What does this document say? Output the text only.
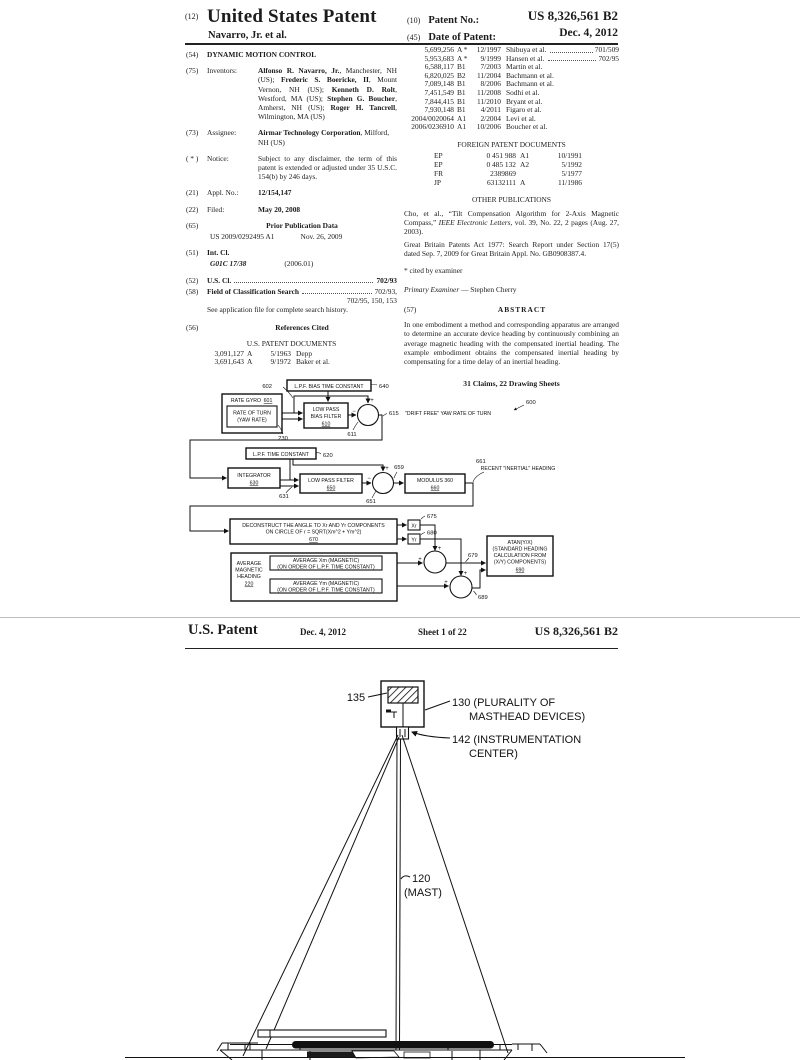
(12) United States Patent
Navarro, Jr. et al.
(10) Patent No.:	US 8,326,561 B2
(45) Date of Patent:	Dec. 4, 2012
(54)	DYNAMIC MOTION CONTROL
(75)	Inventors:	Alfonso R. Navarro, Jr., Manchester, NH (US); Frederic S. Boericke, II, Mount Vernon, NH (US); Kenneth D. Rolt, Westford, MA (US); Stephen G. Boucher, Amherst, NH (US); Roger H. Tancrell, Wilmington, MA (US)
(73)	Assignee:	Airmar Technology Corporation, Milford, NH (US)
( * )	Notice:	Subject to any disclaimer, the term of this patent is extended or adjusted under 35 U.S.C. 154(b) by 246 days.
(21)	Appl. No.:	12/154,147
(22)	Filed:	May 20, 2008
(65)	Prior Publication Data
US 2009/0292495 A1	Nov. 26, 2009
(51)	Int. Cl.
G01C 17/38	(2006.01)
(52)	U.S. Cl.	702/93
(58)	Field of Classification Search	702/93,
702/95, 150, 153
See application file for complete search history.
(56)	References Cited
U.S. PATENT DOCUMENTS
3,091,127 A	5/1963 Depp
3,691,643 A	9/1972 Baker et al.
5,699,256 A *	12/1997 Shibuya et al.	701/509
5,953,683 A *	9/1999 Hansen et al.	702/95
6,588,117 B1	7/2003 Martin et al.
6,820,025 B2	11/2004 Bachmann et al.
7,089,148 B1	8/2006 Bachmann et al.
7,451,549 B1	11/2008 Sodhi et al.
7,844,415 B1	11/2010 Bryant et al.
7,930,148 B1	4/2011 Figaro et al.
2004/0020064 A1	2/2004 Levi et al.
2006/0236910 A1	10/2006 Boucher et al.
FOREIGN PATENT DOCUMENTS
EP	0 451 988 A1	10/1991
EP	0 485 132 A2	5/1992
FR	2389869	5/1977
JP	63132111 A	11/1986
OTHER PUBLICATIONS
Cho, et al., “Tilt Compensation Algorithm for 2-Axis Magnetic Compass,” IEEE Electronic Letters, vol. 39, No. 22, 2 pages (Aug. 27, 2003).
Great Britain Patents Act 1977: Search Report under Section 17(5) dated Sep. 7, 2009 for Great Britain Appl. No. GB0908387.4.
* cited by examiner
Primary Examiner — Stephen Cherry
(57)	ABSTRACT
In one embodiment a method and corresponding apparatus are arranged to determine an accurate device heading by continuously combining an average magnetic heading with the compensated inertial heading. The example embodiment obtains the compensated inertial heading by compensating for a time delay of an inertial heading.
31 Claims, 22 Drawing Sheets
L.P.F. BIAS TIME CONSTANT
602	640
RATE GYRO 601
RATE OF TURN
(YAW RATE)
230
LOW PASS
BIAS FILTER
610
+
−
611
615 "DRIFT FREE" YAW RATE OF TURN
600
L.P.F. TIME CONSTANT 620
INTEGRATOR
630
631
LOW PASS FILTER
650
+
−
651
659
MODULUS 360
660
661
RECENT "INERTIAL" HEADING
DECONSTRUCT THE ANGLE TO Xr AND Yr COMPONENTS
ON CIRCLE OF r = SQRT(Xm^2 + Ym^2)
670
Xr
Yr
675
680
AVERAGE
MAGNETIC
HEADING
220
AVERAGE Xm (MAGNETIC)
(ON ORDER OF L.P.F. TIME CONSTANT)
AVERAGE Ym (MAGNETIC)
(ON ORDER OF L.P.F. TIME CONSTANT)
+
+
+
+
679
689
ATAN(Y/X)
(STANDARD HEADING
CALCULATION FROM
(X/Y) COMPONENTS)
690
U.S. Patent	Dec. 4, 2012	Sheet 1 of 22	US 8,326,561 B2
135	130 (PLURALITY OF
MASTHEAD DEVICES)
142 (INSTRUMENTATION
CENTER)
120
(MAST)
